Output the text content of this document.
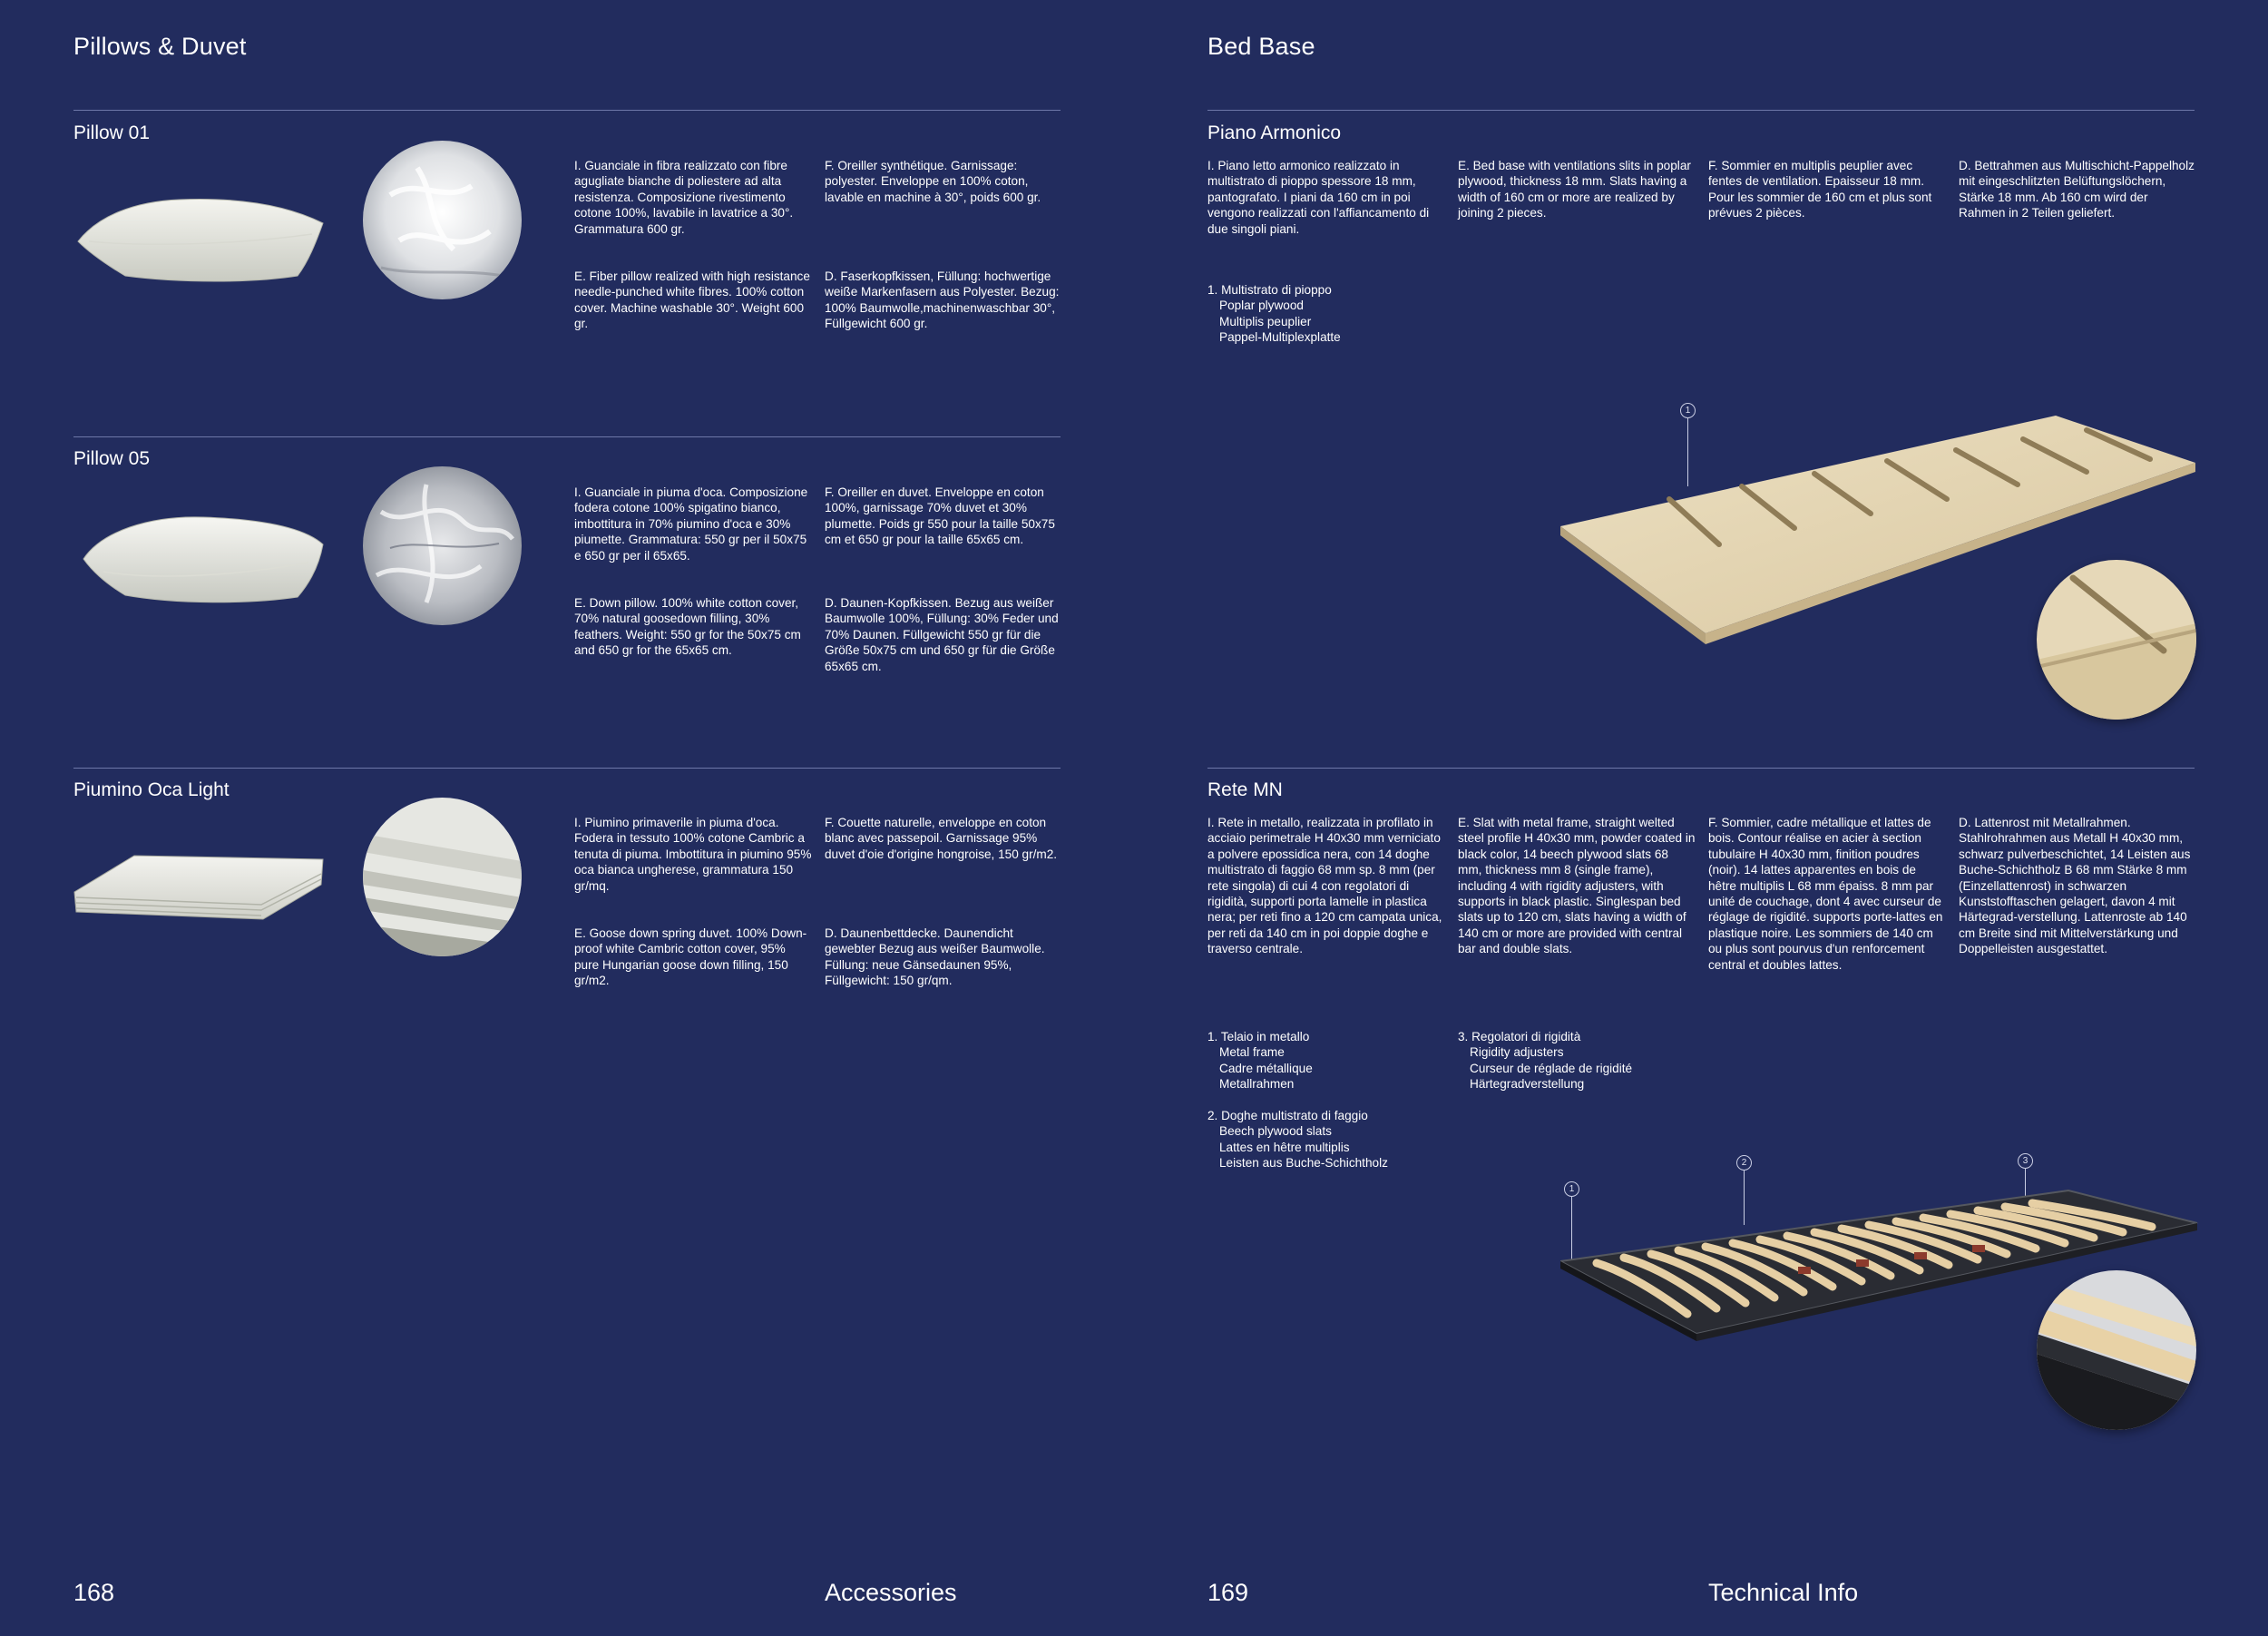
Pillows & Duvet
Pillow 01
I. Guanciale in fibra realizzato con fibre agugliate bianche di poliestere ad alta resistenza. Composizione rivestimento cotone 100%, lavabile in lavatrice a 30°. Grammatura 600 gr.
F. Oreiller synthétique. Garnissage: polyester. Enveloppe en 100% coton, lavable en machine à 30°, poids 600 gr.
E. Fiber pillow realized with high resistance needle-punched white fibres. 100% cotton cover. Machine washable 30°. Weight 600 gr.
D. Faserkopfkissen, Füllung: hochwertige weiße Markenfasern aus Polyester. Bezug: 100% Baumwolle,machinenwaschbar 30°, Füllgewicht 600 gr.
Pillow 05
I. Guanciale in piuma d'oca. Composizione fodera cotone 100% spigatino bianco, imbottitura in 70% piumino d'oca e 30% piumette. Grammatura: 550 gr per il 50x75 e 650 gr per il 65x65.
F. Oreiller en duvet. Enveloppe en coton 100%, garnissage 70% duvet et 30% plumette. Poids gr 550 pour la taille 50x75 cm et 650 gr pour la taille 65x65 cm.
E. Down pillow. 100% white cotton cover, 70% natural goosedown filling, 30% feathers. Weight: 550 gr for the 50x75 cm and 650 gr for the 65x65 cm.
D. Daunen-Kopfkissen. Bezug aus weißer Baumwolle 100%, Füllung: 30% Feder und 70% Daunen. Füllgewicht 550 gr für die Größe 50x75 cm und 650 gr für die Größe 65x65 cm.
Piumino Oca Light
I. Piumino primaverile in piuma d'oca. Fodera in tessuto 100% cotone Cambric a tenuta di piuma. Imbottitura in piumino 95% oca bianca ungherese, grammatura 150 gr/mq.
F. Couette naturelle, enveloppe en coton blanc avec passepoil. Garnissage 95% duvet d'oie d'origine hongroise, 150 gr/m2.
E. Goose down spring duvet. 100% Down-proof white Cambric cotton cover, 95% pure Hungarian goose down filling, 150 gr/m2.
D. Daunenbettdecke. Daunendicht gewebter Bezug aus weißer Baumwolle. Füllung: neue Gänsedaunen 95%, Füllgewicht: 150 gr/qm.
168	Accessories
Bed Base
Piano Armonico
I. Piano letto armonico realizzato in multistrato di pioppo spessore 18 mm, pantografato. I piani da 160 cm in poi vengono realizzati con l'affiancamento di due singoli piani.
E. Bed base with ventilations slits in poplar plywood, thickness 18 mm. Slats having a width of 160 cm or more are realized by joining 2 pieces.
F. Sommier en multiplis peuplier avec fentes de ventilation. Epaisseur 18 mm. Pour les sommier de 160 cm et plus sont prévues 2 pièces.
D. Bettrahmen aus Multischicht-Pappelholz mit eingeschlitzten Belüftungslöchern, Stärke 18 mm. Ab 160 cm wird der Rahmen in 2 Teilen geliefert.
1. Multistrato di pioppo
Poplar plywood
Multiplis peuplier
Pappel-Multiplexplatte
1
Rete MN
I. Rete in metallo, realizzata in profilato in acciaio perimetrale H 40x30 mm verniciato a polvere epossidica nera, con 14 doghe multistrato di faggio 68 mm sp. 8 mm (per rete singola) di cui 4 con regolatori di rigidità, supporti porta lamelle in plastica nera; per reti fino a 120 cm campata unica, per reti da 140 cm in poi doppie doghe e traverso centrale.
E. Slat with metal frame, straight welted steel profile H 40x30 mm, powder coated in black color, 14 beech plywood slats 68 mm, thickness mm 8 (single frame), including 4 with rigidity adjusters, with supports in black plastic. Singlespan bed slats up to 120 cm, slats having a width of 140 cm or more are provided with central bar and double slats.
F. Sommier, cadre métallique et lattes de bois. Contour réalise en acier à section tubulaire H 40x30 mm, finition poudres (noir). 14 lattes apparentes en bois de hêtre multiplis L 68 mm épaiss. 8 mm par unité de couchage, dont 4 avec curseur de réglage de rigidité. supports porte-lattes en plastique noire. Les sommiers de 140 cm ou plus sont pourvus d'un renforcement central et doubles lattes.
D. Lattenrost mit Metallrahmen. Stahlrohrahmen aus Metall H 40x30 mm, schwarz pulverbeschichtet, 14 Leisten aus Buche-Schichtholz B 68 mm Stärke 8 mm (Einzellattenrost) in schwarzen Kunststofftaschen gelagert, davon 4 mit Härtegrad-verstellung. Lattenroste ab 140 cm Breite sind mit Mittelverstärkung und Doppelleisten ausgestattet.
1. Telaio in metallo
Metal frame
Cadre métallique
Metallrahmen
2. Doghe multistrato di faggio
Beech plywood slats
Lattes en hêtre multiplis
Leisten aus Buche-Schichtholz
3. Regolatori di rigidità
Rigidity adjusters
Curseur de réglade de rigidité
Härtegradverstellung
1
2	3
169	Technical Info
